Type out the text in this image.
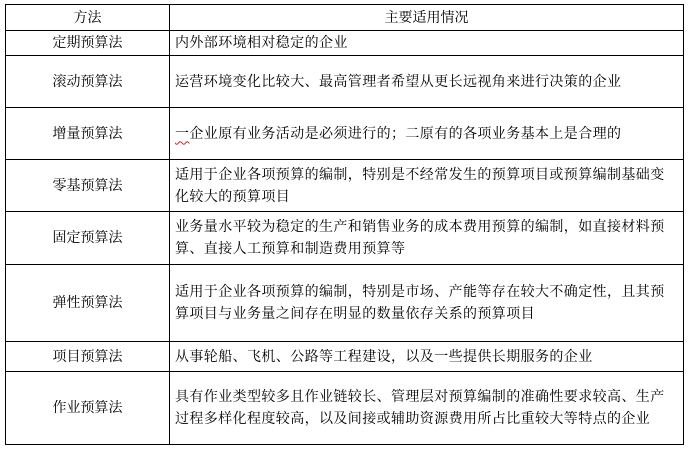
方法	主要适用情况
定期预算法	内外部环境相对稳定的企业
滚动预算法	运营环境变化比较大、最高管理者希望从更长远视角来进行决策的企业
增量预算法	一企业原有业务活动是必须进行的；二原有的各项业务基本上是合理的
零基预算法	适用于企业各项预算的编制，特别是不经常发生的预算项目或预算编制基础变化较大的预算项目
固定预算法	业务量水平较为稳定的生产和销售业务的成本费用预算的编制，如直接材料预算、直接人工预算和制造费用预算等
弹性预算法	适用于企业各项预算的编制，特别是市场、产能等存在较大不确定性，且其预算项目与业务量之间存在明显的数量依存关系的预算项目
项目预算法	从事轮船、飞机、公路等工程建设，以及一些提供长期服务的企业
作业预算法	具有作业类型较多且作业链较长、管理层对预算编制的准确性要求较高、生产过程多样化程度较高，以及间接或辅助资源费用所占比重较大等特点的企业
